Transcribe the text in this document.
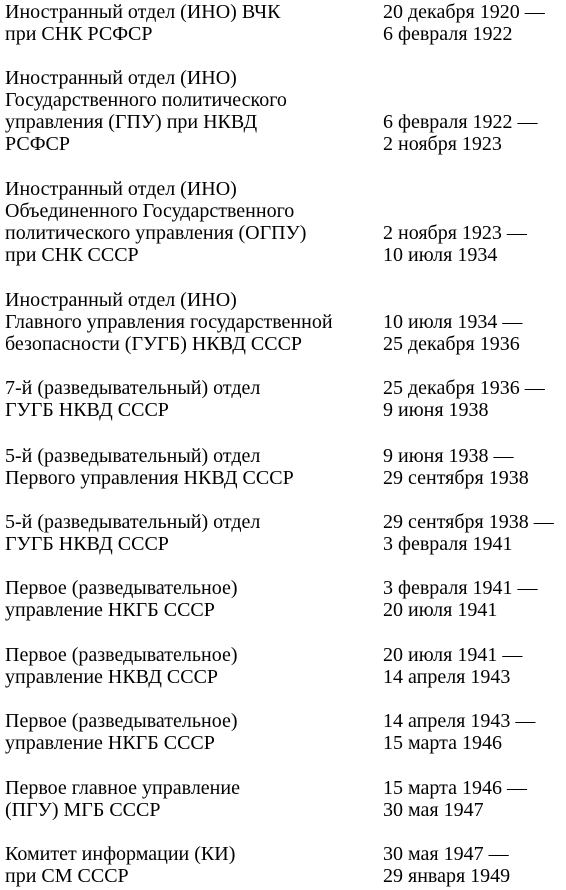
Иностранный отдел (ИНО) ВЧК
при СНК РСФСР
20 декабря 1920 —
6 февраля 1922
Иностранный отдел (ИНО)
Государственного политического
управления (ГПУ) при НКВД
РСФСР
6 февраля 1922 —
2 ноября 1923
Иностранный отдел (ИНО)
Объединенного Государственного
политического управления (ОГПУ)
при СНК СССР
2 ноября 1923 —
10 июля 1934
Иностранный отдел (ИНО)
Главного управления государственной
безопасности (ГУГБ) НКВД СССР
10 июля 1934 —
25 декабря 1936
7-й (разведывательный) отдел
ГУГБ НКВД СССР
25 декабря 1936 —
9 июня 1938
5-й (разведывательный) отдел
Первого управления НКВД СССР
9 июня 1938 —
29 сентября 1938
5-й (разведывательный) отдел
ГУГБ НКВД СССР
29 сентября 1938 —
3 февраля 1941
Первое (разведывательное)
управление НКГБ СССР
3 февраля 1941 —
20 июля 1941
Первое (разведывательное)
управление НКВД СССР
20 июля 1941 —
14 апреля 1943
Первое (разведывательное)
управление НКГБ СССР
14 апреля 1943 —
15 марта 1946
Первое главное управление
(ПГУ) МГБ СССР
15 марта 1946 —
30 мая 1947
Комитет информации (КИ)
при СМ СССР
30 мая 1947 —
29 января 1949
